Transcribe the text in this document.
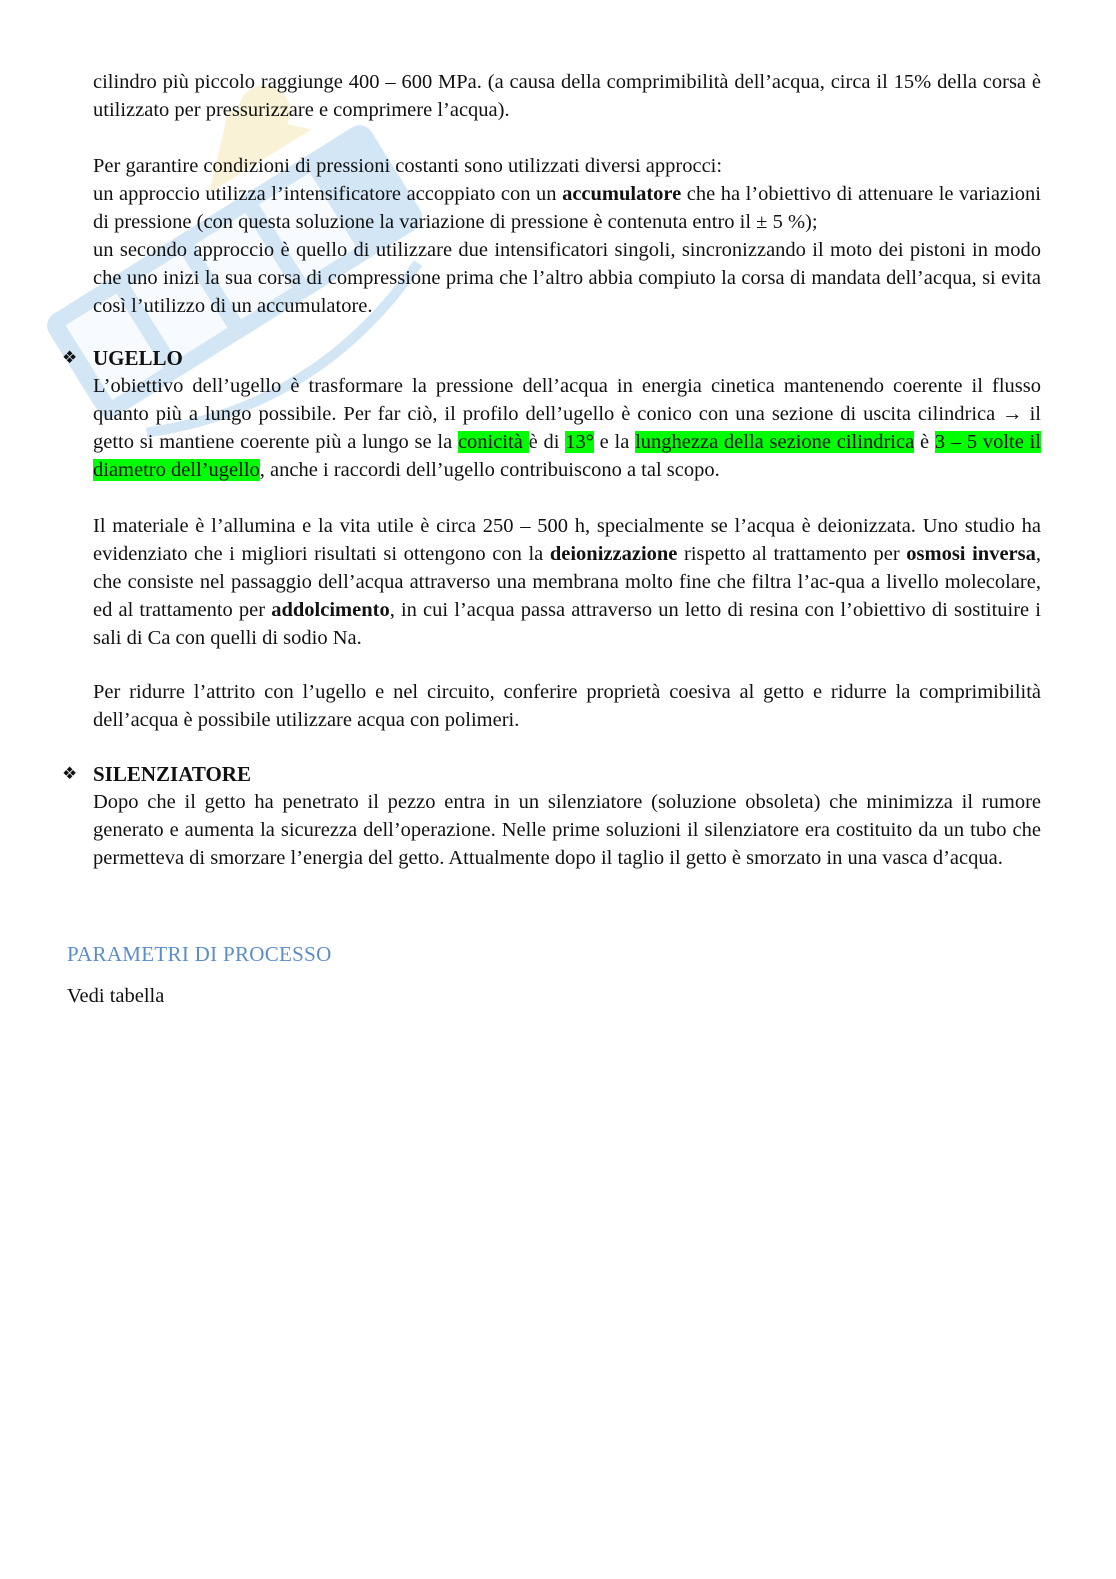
cilindro più piccolo raggiunge 400 – 600 MPa. (a causa della comprimibilità dell’acqua, circa il 15% della corsa è utilizzato per pressurizzare e comprimere l’acqua).

Per garantire condizioni di pressioni costanti sono utilizzati diversi approcci:
un approccio utilizza l’intensificatore accoppiato con un accumulatore che ha l’obiettivo di attenuare le variazioni di pressione (con questa soluzione la variazione di pressione è contenuta entro il ± 5 %);
un secondo approccio è quello di utilizzare due intensificatori singoli, sincronizzando il moto dei pistoni in modo che uno inizi la sua corsa di compressione prima che l’altro abbia compiuto la corsa di mandata dell’acqua, si evita così l’utilizzo di un accumulatore.

❖ UGELLO

L’obiettivo dell’ugello è trasformare la pressione dell’acqua in energia cinetica mantenendo coerente il flusso quanto più a lungo possibile. Per far ciò, il profilo dell’ugello è conico con una sezione di uscita cilindrica → il getto si mantiene coerente più a lungo se la conicità è di 13° e la lunghezza della sezione cilindrica è 3 – 5 volte il diametro dell’ugello, anche i raccordi dell’ugello contribuiscono a tal scopo.

Il materiale è l’allumina e la vita utile è circa 250 – 500 h, specialmente se l’acqua è deionizzata. Uno studio ha evidenziato che i migliori risultati si ottengono con la deionizzazione rispetto al trattamento per osmosi inversa, che consiste nel passaggio dell’acqua attraverso una membrana molto fine che filtra l’ac-qua a livello molecolare, ed al trattamento per addolcimento, in cui l’acqua passa attraverso un letto di resina con l’obiettivo di sostituire i sali di Ca con quelli di sodio Na.

Per ridurre l’attrito con l’ugello e nel circuito, conferire proprietà coesiva al getto e ridurre la comprimibilità dell’acqua è possibile utilizzare acqua con polimeri.

❖ SILENZIATORE

Dopo che il getto ha penetrato il pezzo entra in un silenziatore (soluzione obsoleta) che minimizza il rumore generato e aumenta la sicurezza dell’operazione. Nelle prime soluzioni il silenziatore era costituito da un tubo che permetteva di smorzare l’energia del getto. Attualmente dopo il taglio il getto è smorzato in una vasca d’acqua.

PARAMETRI DI PROCESSO
Vedi tabella
